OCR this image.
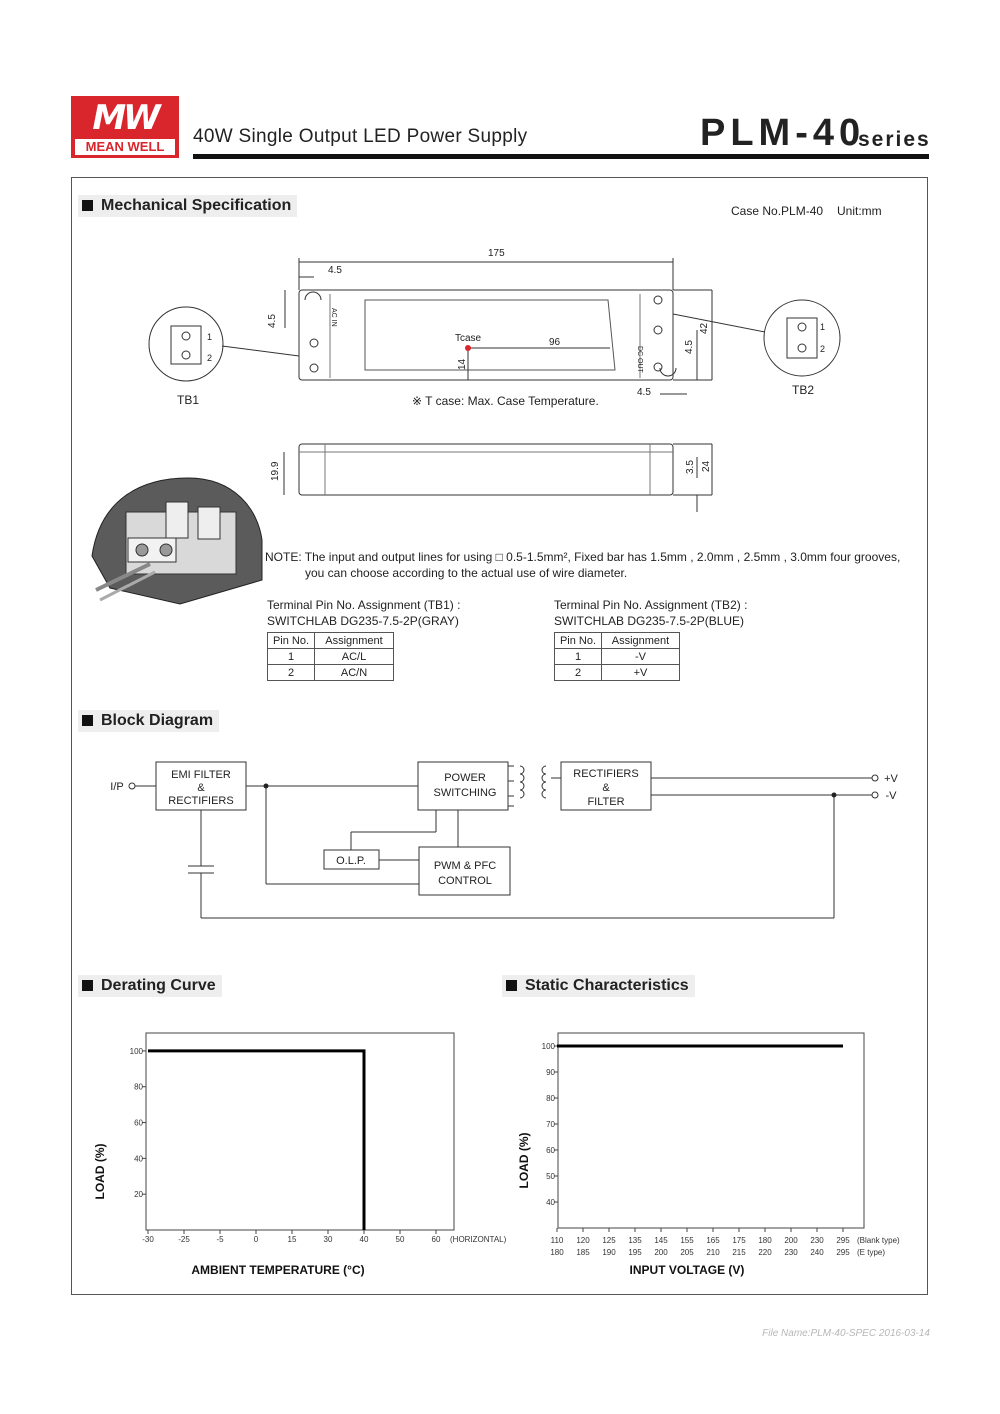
MW
MEAN WELL	40W Single Output LED Power Supply	PLM-40
series
Mechanical Specification	Case No.PLM-40 Unit:mm
175
4.5
4.5
96
14
42
4.5
4.5
19.9	3.5 24
Tcase
AC IN
DC OUT
1
2
1
2
TB1
TB2
※ T case: Max. Case Temperature.
NOTE: The input and output lines for using □ 0.5-1.5mm², Fixed bar has 1.5mm , 2.0mm , 2.5mm , 3.0mm four grooves,
you can choose according to the actual use of wire diameter.
Terminal Pin No. Assignment (TB1) :
SWITCHLAB DG235-7.5-2P(GRAY)
Pin No.	Assignment
1	AC/L
2	AC/N
Terminal Pin No. Assignment (TB2) :
SWITCHLAB DG235-7.5-2P(BLUE)
Pin No.	Assignment
1	-V
2	+V
Block Diagram
I/P
EMI FILTER
&
RECTIFIERS
POWER
SWITCHING
RECTIFIERS
&
FILTER
O.L.P.	PWM & PFC
CONTROL
+V
-V
Derating Curve
-30	-25	-5	0	15	30	40	50	60 (HORIZONTAL)
100
80
60
40
20
AMBIENT TEMPERATURE (°C)
LOAD (%)
Static Characteristics
110 120 125 135 145 155 165 175 180 200 230 295
180 185 190 195 200 205 210 215 220 230 240 295
(Blank type)
(E type)
100
90
80
70
60
50
40
INPUT VOLTAGE (V)
LOAD (%)
File Name:PLM-40-SPEC 2016-03-14
